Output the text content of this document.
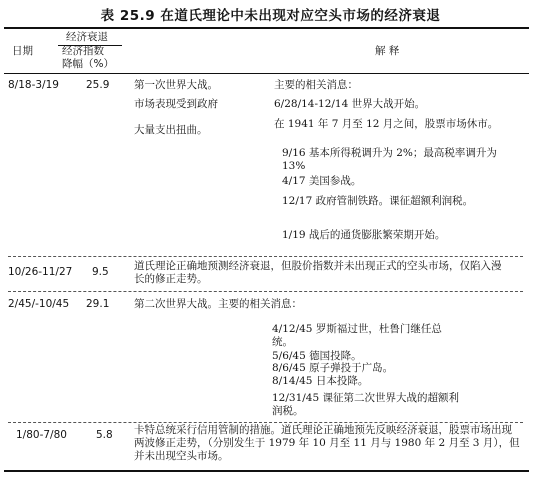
表 25.9 在道氏理论中未出现对应空头市场的经济衰退
经济衰退
日期	经济指数
降幅（%）
解 释
8/18-3/19	25.9 第一次世界大战。
市场表现受到政府
大量支出扭曲。
主要的相关消息：
6/28/14-12/14 世界大战开始。
在 1941 年 7 月至 12 月之间，股票市场休市。
9/16 基本所得税调升为 2%；最高税率调升为 13%
4/17 美国参战。
12/17 政府管制铁路。课征超额利润税。
1/19 战后的通货膨胀繁荣期开始。
10/26-11/27 9.5 道氏理论正确地预测经济衰退，但股价指数并未出现正式的空头市场，仅陷入漫长的修正走势。
2/45/-10/45 29.1 第二次世界大战。主要的相关消息：
4/12/45 罗斯福过世，杜鲁门继任总统。
5/6/45 德国投降。
8/6/45 原子弹投于广岛。
8/14/45 日本投降。
12/31/45 课征第二次世界大战的超额利润税。
1/80-7/80	5.8 卡特总统采行信用管制的措施。道氏理论正确地预先反映经济衰退，股票市场出现两波修正走势，（分别发生于 1979 年 10 月至 11 月与 1980 年 2 月至 3 月），但并未出现空头市场。
